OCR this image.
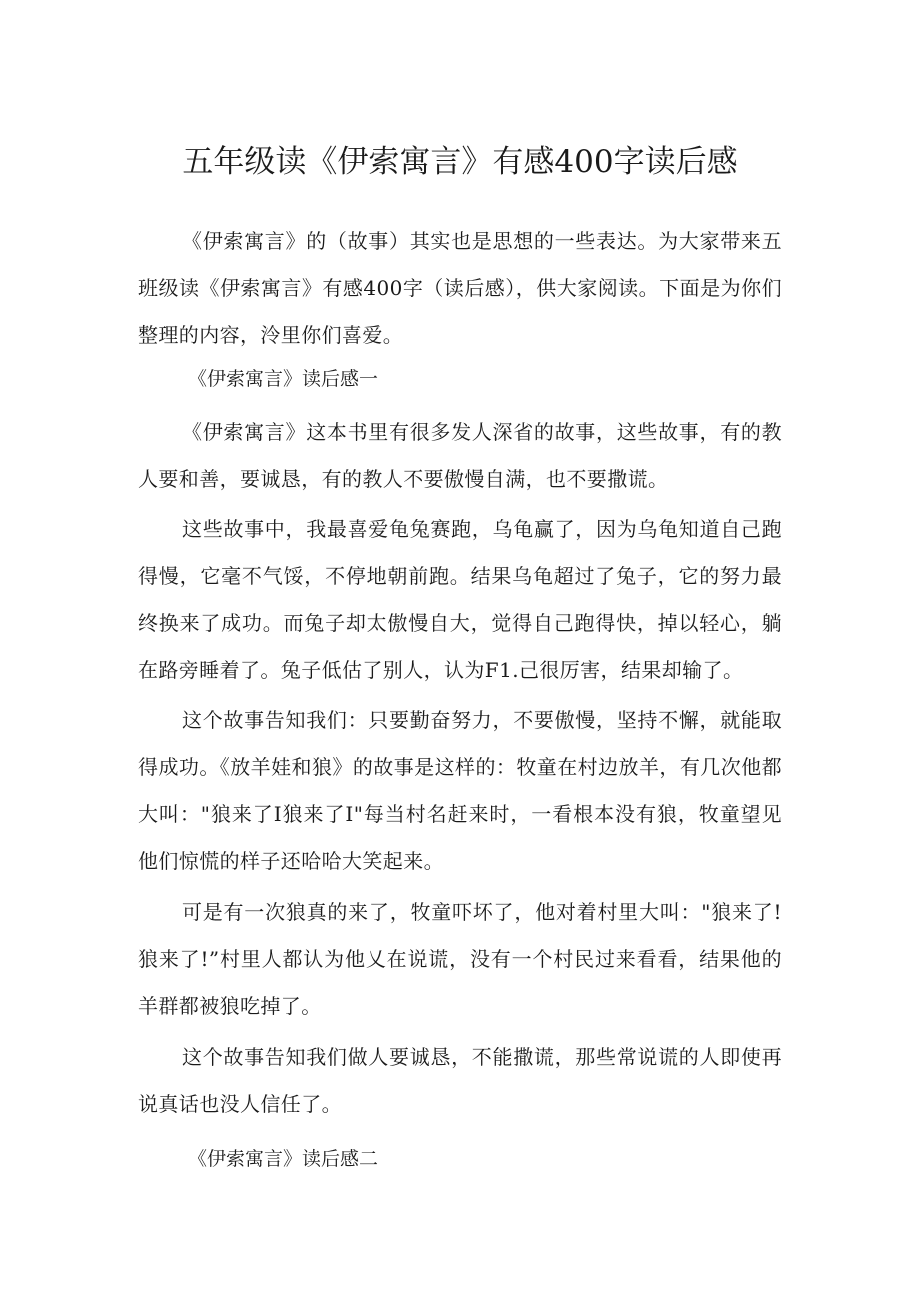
五年级读《伊索寓言》有感400字读后感

《伊索寓言》的（故事）其实也是思想的一些表达。为大家带来五班级读《伊索寓言》有感400字（读后感），供大家阅读。下面是为你们整理的内容，泠里你们喜爱。

《伊索寓言》读后感一

《伊索寓言》这本书里有很多发人深省的故事，这些故事，有的教人要和善，要诚恳，有的教人不要傲慢自满，也不要撒谎。

这些故事中，我最喜爱龟兔赛跑，乌龟赢了，因为乌龟知道自己跑得慢，它毫不气馁，不停地朝前跑。结果乌龟超过了兔子，它的努力最终换来了成功。而兔子却太傲慢自大，觉得自己跑得快，掉以轻心，躺在路旁睡着了。兔子低估了别人，认为F1.己很厉害，结果却输了。

这个故事告知我们：只要勤奋努力，不要傲慢，坚持不懈，就能取得成功。《放羊娃和狼》的故事是这样的：牧童在村边放羊，有几次他都大叫："狼来了I狼来了I"每当村名赶来时，一看根本没有狼，牧童望见他们惊慌的样子还哈哈大笑起来。

可是有一次狼真的来了，牧童吓坏了，他对着村里大叫："狼来了!狼来了!”村里人都认为他乂在说谎，没有一个村民过来看看，结果他的羊群都被狼吃掉了。

这个故事告知我们做人要诚恳，不能撒谎，那些常说谎的人即使再说真话也没人信任了。

《伊索寓言》读后感二
